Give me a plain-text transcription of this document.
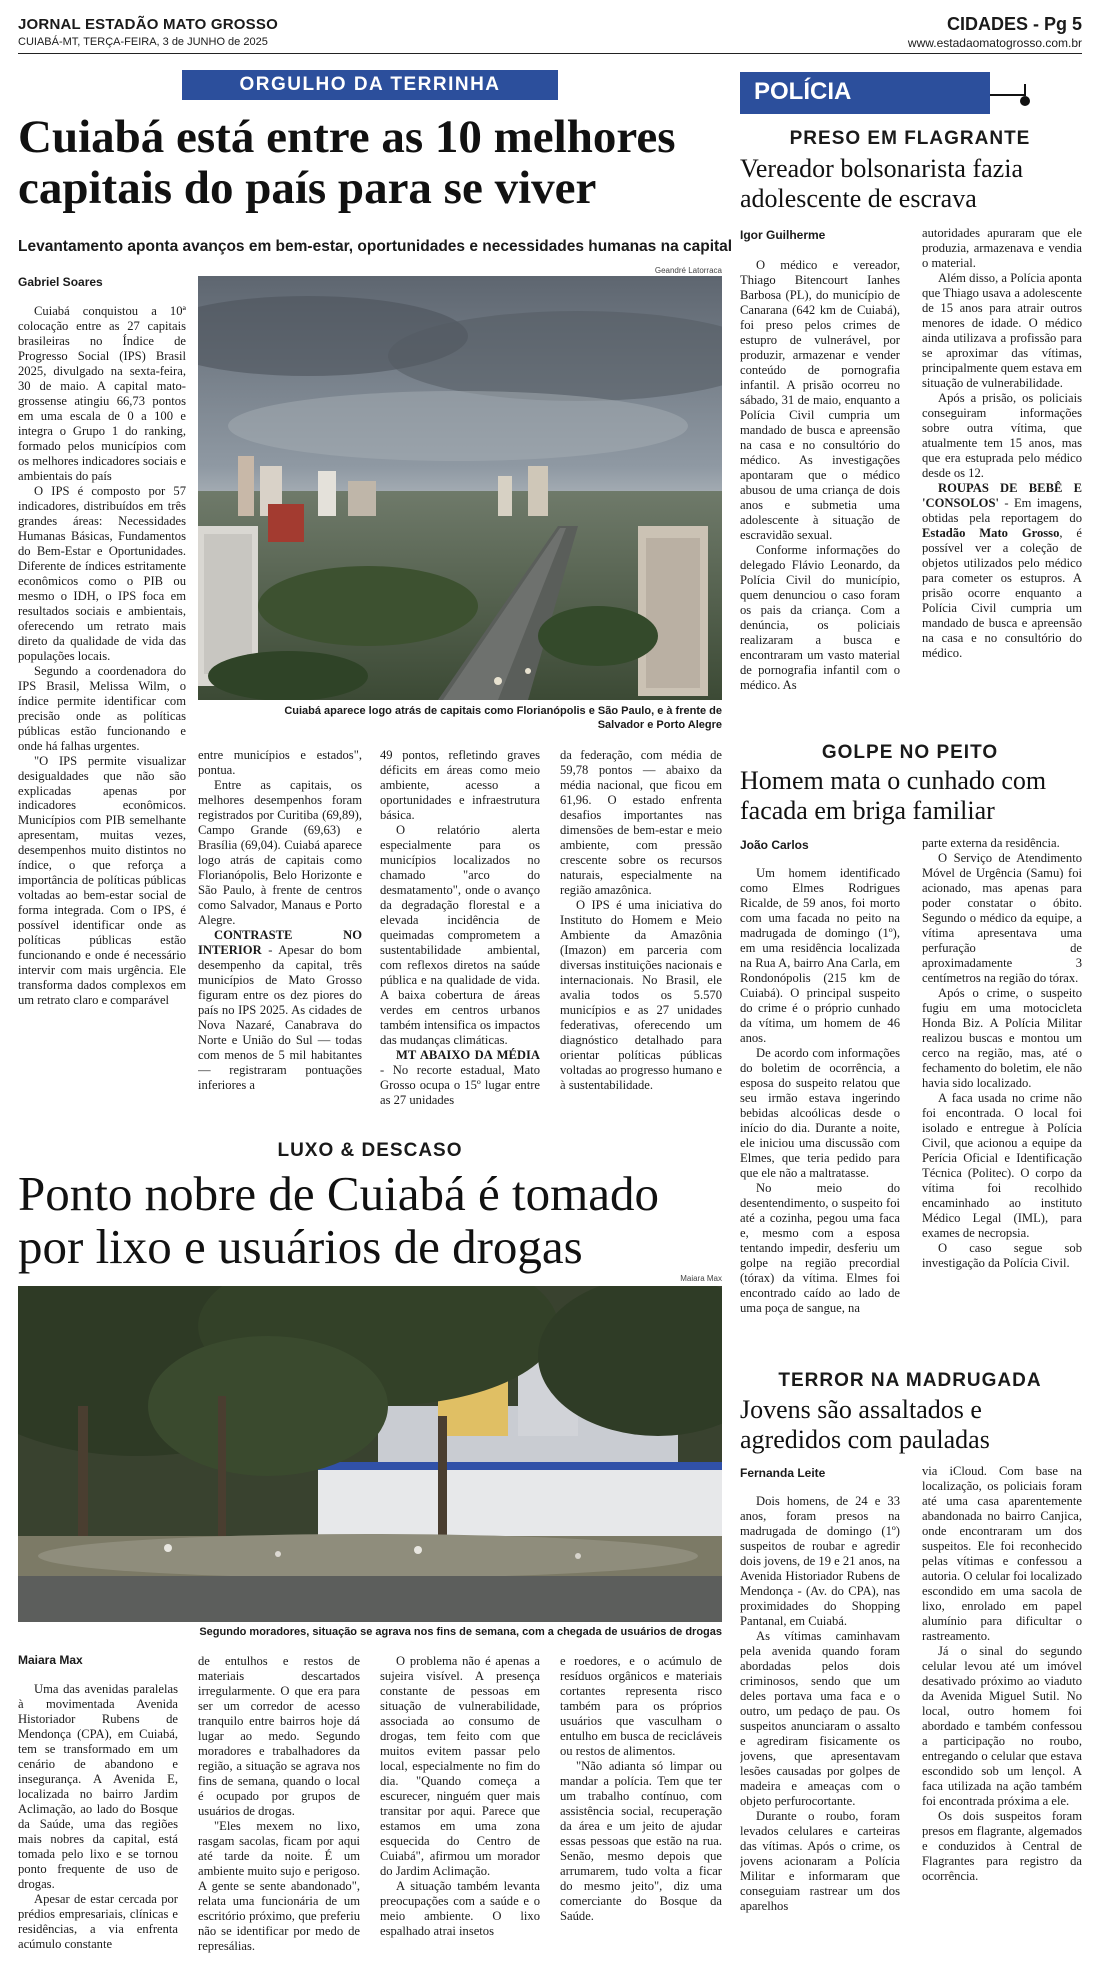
JORNAL ESTADÃO MATO GROSSO
CUIABÁ-MT, TERÇA-FEIRA, 3 de JUNHO de 2025
CIDADES - Pg 5
www.estadaomatogrosso.com.br
ORGULHO DA TERRINHA
Cuiabá está entre as 10 melhores
capitais do país para se viver
Levantamento aponta avanços em bem-estar, oportunidades e necessidades humanas na capital
Gabriel Soares
Geandré Latorraca
Cuiabá aparece logo atrás de capitais como Florianópolis e São Paulo, e à frente de
Salvador e Porto Alegre

Cuiabá conquistou a 10ª colocação entre as 27 capitais brasileiras no Índice de Progresso Social (IPS) Brasil 2025, divulgado na sexta-feira, 30 de maio. A capital mato-grossense atingiu 66,73 pontos em uma escala de 0 a 100 e integra o Grupo 1 do ranking, formado pelos municípios com os melhores indicadores sociais e ambientais do país

O IPS é composto por 57 indicadores, distribuídos em três grandes áreas: Necessidades Humanas Básicas, Fundamentos do Bem-Estar e Oportunidades. Diferente de índices estritamente econômicos como o PIB ou mesmo o IDH, o IPS foca em resultados sociais e ambientais, oferecendo um retrato mais direto da qualidade de vida das populações locais.

Segundo a coordenadora do IPS Brasil, Melissa Wilm, o índice permite identificar com precisão onde as políticas públicas estão funcionando e onde há falhas urgentes.

"O IPS permite visualizar desigualdades que não são explicadas apenas por indicadores econômicos. Municípios com PIB semelhante apresentam, muitas vezes, desempenhos muito distintos no índice, o que reforça a importância de políticas públicas voltadas ao bem-estar social de forma integrada. Com o IPS, é possível identificar onde as políticas públicas estão funcionando e onde é necessário intervir com mais urgência. Ele transforma dados complexos em um retrato claro e comparável

entre municípios e estados", pontua.

Entre as capitais, os melhores desempenhos foram registrados por Curitiba (69,89), Campo Grande (69,63) e Brasília (69,04). Cuiabá aparece logo atrás de capitais como Florianópolis, Belo Horizonte e São Paulo, à frente de centros como Salvador, Manaus e Porto Alegre.

CONTRASTE NO INTERIOR - Apesar do bom desempenho da capital, três municípios de Mato Grosso figuram entre os dez piores do país no IPS 2025. As cidades de Nova Nazaré, Canabrava do Norte e União do Sul — todas com menos de 5 mil habitantes — registraram pontuações inferiores a

49 pontos, refletindo graves déficits em áreas como meio ambiente, acesso a oportunidades e infraestrutura básica.

O relatório alerta especialmente para os municípios localizados no chamado "arco do desmatamento", onde o avanço da degradação florestal e a elevada incidência de queimadas comprometem a sustentabilidade ambiental, com reflexos diretos na saúde pública e na qualidade de vida. A baixa cobertura de áreas verdes em centros urbanos também intensifica os impactos das mudanças climáticas.

MT ABAIXO DA MÉDIA - No recorte estadual, Mato Grosso ocupa o 15º lugar entre as 27 unidades

da federação, com média de 59,78 pontos — abaixo da média nacional, que ficou em 61,96. O estado enfrenta desafios importantes nas dimensões de bem-estar e meio ambiente, com pressão crescente sobre os recursos naturais, especialmente na região amazônica.

O IPS é uma iniciativa do Instituto do Homem e Meio Ambiente da Amazônia (Imazon) em parceria com diversas instituições nacionais e internacionais. No Brasil, ele avalia todos os 5.570 municípios e as 27 unidades federativas, oferecendo um diagnóstico detalhado para orientar políticas públicas voltadas ao progresso humano e à sustentabilidade.

LUXO & DESCASO
Ponto nobre de Cuiabá é tomado
por lixo e usuários de drogas
Maiara Max
Segundo moradores, situação se agrava nos fins de semana, com a chegada de usuários de drogas
Maiara Max

Uma das avenidas paralelas à movimentada Avenida Historiador Rubens de Mendonça (CPA), em Cuiabá, tem se transformado em um cenário de abandono e insegurança. A Avenida E, localizada no bairro Jardim Aclimação, ao lado do Bosque da Saúde, uma das regiões mais nobres da capital, está tomada pelo lixo e se tornou ponto frequente de uso de drogas.

Apesar de estar cercada por prédios empresariais, clínicas e residências, a via enfrenta acúmulo constante

de entulhos e restos de materiais descartados irregularmente. O que era para ser um corredor de acesso tranquilo entre bairros hoje dá lugar ao medo. Segundo moradores e trabalhadores da região, a situação se agrava nos fins de semana, quando o local é ocupado por grupos de usuários de drogas.

"Eles mexem no lixo, rasgam sacolas, ficam por aqui até tarde da noite. É um ambiente muito sujo e perigoso. A gente se sente abandonado", relata uma funcionária de um escritório próximo, que preferiu não se identificar por medo de represálias.

O problema não é apenas a sujeira visível. A presença constante de pessoas em situação de vulnerabilidade, associada ao consumo de drogas, tem feito com que muitos evitem passar pelo local, especialmente no fim do dia. "Quando começa a escurecer, ninguém quer mais transitar por aqui. Parece que estamos em uma zona esquecida do Centro de Cuiabá", afirmou um morador do Jardim Aclimação.

A situação também levanta preocupações com a saúde e o meio ambiente. O lixo espalhado atrai insetos

e roedores, e o acúmulo de resíduos orgânicos e materiais cortantes representa risco também para os próprios usuários que vasculham o entulho em busca de recicláveis ou restos de alimentos.

"Não adianta só limpar ou mandar a polícia. Tem que ter um trabalho contínuo, com assistência social, recuperação da área e um jeito de ajudar essas pessoas que estão na rua. Senão, mesmo depois que arrumarem, tudo volta a ficar do mesmo jeito", diz uma comerciante do Bosque da Saúde.

POLÍCIA
PRESO EM FLAGRANTE
Vereador bolsonarista fazia
adolescente de escrava
Igor Guilherme

O médico e vereador, Thiago Bitencourt Ianhes Barbosa (PL), do município de Canarana (642 km de Cuiabá), foi preso pelos crimes de estupro de vulnerável, por produzir, armazenar e vender conteúdo de pornografia infantil. A prisão ocorreu no sábado, 31 de maio, enquanto a Polícia Civil cumpria um mandado de busca e apreensão na casa e no consultório do médico. As investigações apontaram que o médico abusou de uma criança de dois anos e submetia uma adolescente à situação de escravidão sexual.

Conforme informações do delegado Flávio Leonardo, da Polícia Civil do município, quem denunciou o caso foram os pais da criança. Com a denúncia, os policiais realizaram a busca e encontraram um vasto material de pornografia infantil com o médico. As

autoridades apuraram que ele produzia, armazenava e vendia o material.

Além disso, a Polícia aponta que Thiago usava a adolescente de 15 anos para atrair outros menores de idade. O médico ainda utilizava a profissão para se aproximar das vítimas, principalmente quem estava em situação de vulnerabilidade.

Após a prisão, os policiais conseguiram informações sobre outra vítima, que atualmente tem 15 anos, mas que era estuprada pelo médico desde os 12.

ROUPAS DE BEBÊ E 'CONSOLOS' - Em imagens, obtidas pela reportagem do Estadão Mato Grosso, é possível ver a coleção de objetos utilizados pelo médico para cometer os estupros. A prisão ocorre enquanto a Polícia Civil cumpria um mandado de busca e apreensão na casa e no consultório do médico.

GOLPE NO PEITO
Homem mata o cunhado com
facada em briga familiar
João Carlos

Um homem identificado como Elmes Rodrigues Ricalde, de 59 anos, foi morto com uma facada no peito na madrugada de domingo (1º), em uma residência localizada na Rua A, bairro Ana Carla, em Rondonópolis (215 km de Cuiabá). O principal suspeito do crime é o próprio cunhado da vítima, um homem de 46 anos.

De acordo com informações do boletim de ocorrência, a esposa do suspeito relatou que seu irmão estava ingerindo bebidas alcoólicas desde o início do dia. Durante a noite, ele iniciou uma discussão com Elmes, que teria pedido para que ele não a maltratasse.

No meio do desentendimento, o suspeito foi até a cozinha, pegou uma faca e, mesmo com a esposa tentando impedir, desferiu um golpe na região precordial (tórax) da vítima. Elmes foi encontrado caído ao lado de uma poça de sangue, na

parte externa da residência.

O Serviço de Atendimento Móvel de Urgência (Samu) foi acionado, mas apenas para poder constatar o óbito. Segundo o médico da equipe, a vítima apresentava uma perfuração de aproximadamente 3 centímetros na região do tórax.

Após o crime, o suspeito fugiu em uma motocicleta Honda Biz. A Polícia Militar realizou buscas e montou um cerco na região, mas, até o fechamento do boletim, ele não havia sido localizado.

A faca usada no crime não foi encontrada. O local foi isolado e entregue à Polícia Civil, que acionou a equipe da Perícia Oficial e Identificação Técnica (Politec). O corpo da vítima foi recolhido encaminhado ao instituto Médico Legal (IML), para exames de necropsia.

O caso segue sob investigação da Polícia Civil.

TERROR NA MADRUGADA
Jovens são assaltados e
agredidos com pauladas
Fernanda Leite

Dois homens, de 24 e 33 anos, foram presos na madrugada de domingo (1º) suspeitos de roubar e agredir dois jovens, de 19 e 21 anos, na Avenida Historiador Rubens de Mendonça - (Av. do CPA), nas proximidades do Shopping Pantanal, em Cuiabá.

As vítimas caminhavam pela avenida quando foram abordadas pelos dois criminosos, sendo que um deles portava uma faca e o outro, um pedaço de pau. Os suspeitos anunciaram o assalto e agrediram fisicamente os jovens, que apresentavam lesões causadas por golpes de madeira e ameaças com o objeto perfurocortante.

Durante o roubo, foram levados celulares e carteiras das vítimas. Após o crime, os jovens acionaram a Polícia Militar e informaram que conseguiam rastrear um dos aparelhos

via iCloud. Com base na localização, os policiais foram até uma casa aparentemente abandonada no bairro Canjica, onde encontraram um dos suspeitos. Ele foi reconhecido pelas vítimas e confessou a autoria. O celular foi localizado escondido em uma sacola de lixo, enrolado em papel alumínio para dificultar o rastreamento.

Já o sinal do segundo celular levou até um imóvel desativado próximo ao viaduto da Avenida Miguel Sutil. No local, outro homem foi abordado e também confessou a participação no roubo, entregando o celular que estava escondido sob um lençol. A faca utilizada na ação também foi encontrada próxima a ele.

Os dois suspeitos foram presos em flagrante, algemados e conduzidos à Central de Flagrantes para registro da ocorrência.
